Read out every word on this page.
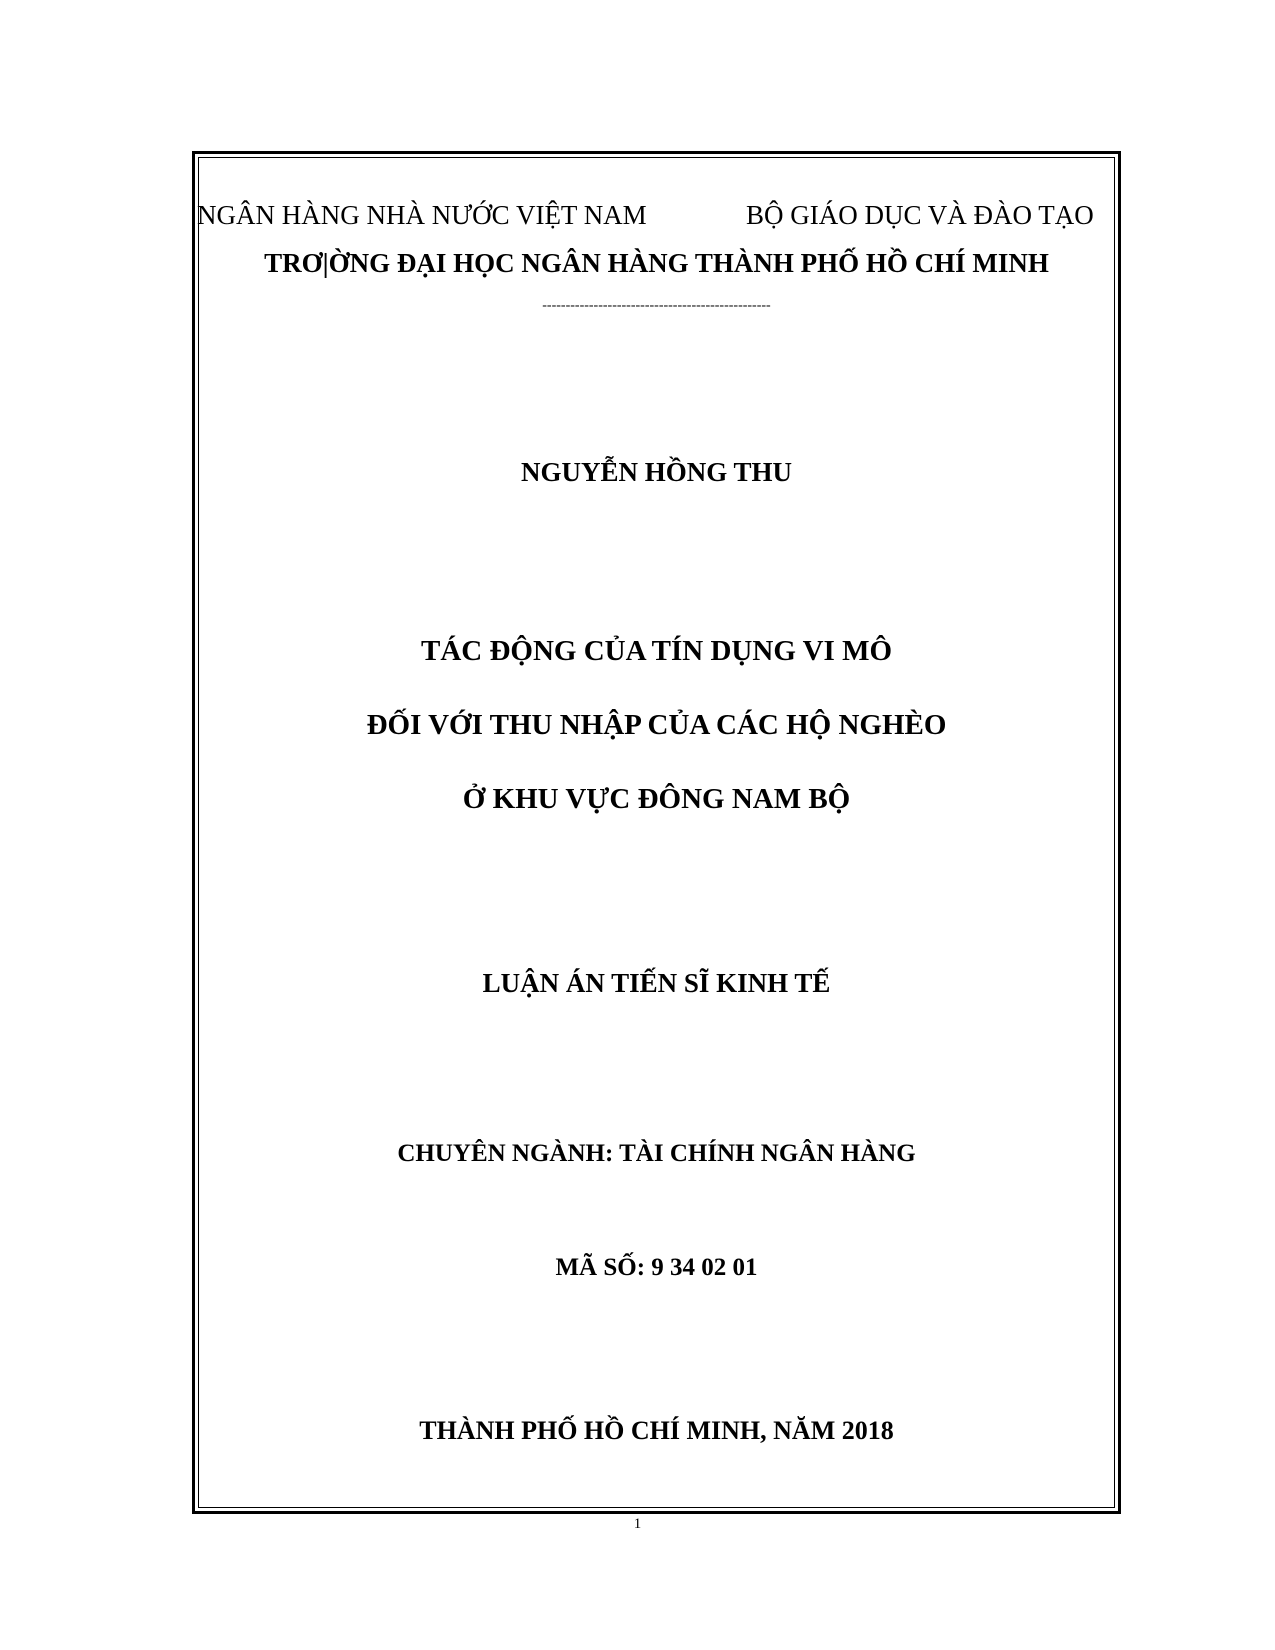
NGÂN HÀNG NHÀ NƯỚC VIỆT NAM	BỘ GIÁO DỤC VÀ ĐÀO TẠO
TRƠ|ỜNG ĐẠI HỌC NGÂN HÀNG THÀNH PHỐ HỒ CHÍ MINH
-------------------------------------------------
NGUYỄN HỒNG THU
TÁC ĐỘNG CỦA TÍN DỤNG VI MÔ
ĐỐI VỚI THU NHẬP CỦA CÁC HỘ NGHÈO
Ở KHU VỰC ĐÔNG NAM BỘ
LUẬN ÁN TIẾN SĨ KINH TẾ
CHUYÊN NGÀNH: TÀI CHÍNH NGÂN HÀNG
MÃ SỐ: 9 34 02 01
THÀNH PHỐ HỒ CHÍ MINH, NĂM 2018
1
